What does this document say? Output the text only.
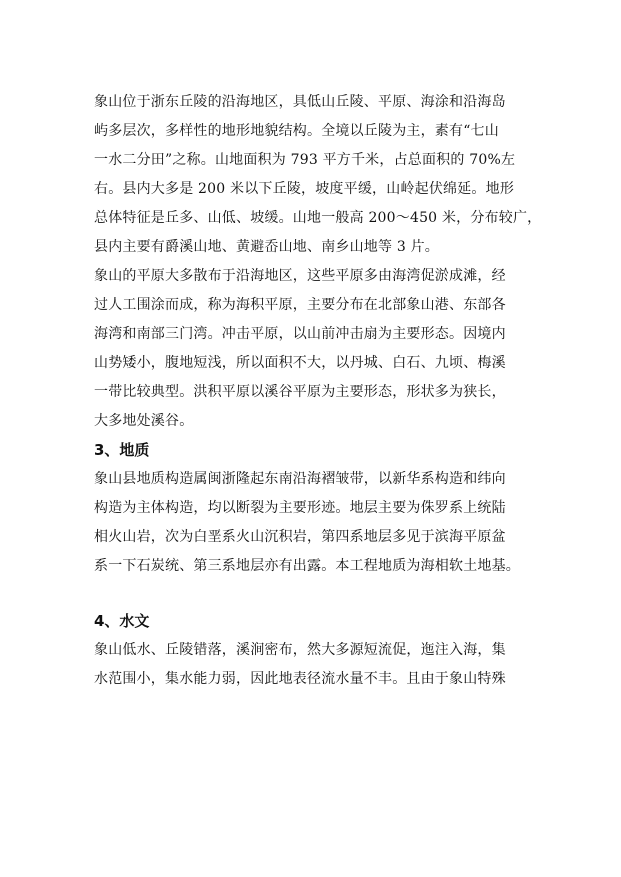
象山位于浙东丘陵的沿海地区，具低山丘陵、平原、海涂和沿海岛
屿多层次，多样性的地形地貌结构。全境以丘陵为主，素有“七山
一水二分田”之称。山地面积为 793 平方千米，占总面积的 70%左
右。县内大多是 200 米以下丘陵，坡度平缓，山岭起伏绵延。地形
总体特征是丘多、山低、坡缓。山地一般高 200～450 米，分布较广，
县内主要有爵溪山地、黄避岙山地、南乡山地等 3 片。
象山的平原大多散布于沿海地区，这些平原多由海湾促淤成滩，经
过人工围涂而成，称为海积平原，主要分布在北部象山港、东部各
海湾和南部三门湾。冲击平原，以山前冲击扇为主要形态。因境内
山势矮小，腹地短浅，所以面积不大，以丹城、白石、九顷、梅溪
一带比较典型。洪积平原以溪谷平原为主要形态，形状多为狭长，
大多地处溪谷。
3、地质
象山县地质构造属闽浙隆起东南沿海褶皱带，以新华系构造和纬向
构造为主体构造，均以断裂为主要形迹。地层主要为侏罗系上统陆
相火山岩，次为白垩系火山沉积岩，第四系地层多见于滨海平原盆
系一下石炭统、第三系地层亦有出露。本工程地质为海相软土地基。
4、水文
象山低水、丘陵错落，溪涧密布，然大多源短流促，迤注入海，集
水范围小，集水能力弱，因此地表径流水量不丰。且由于象山特殊
